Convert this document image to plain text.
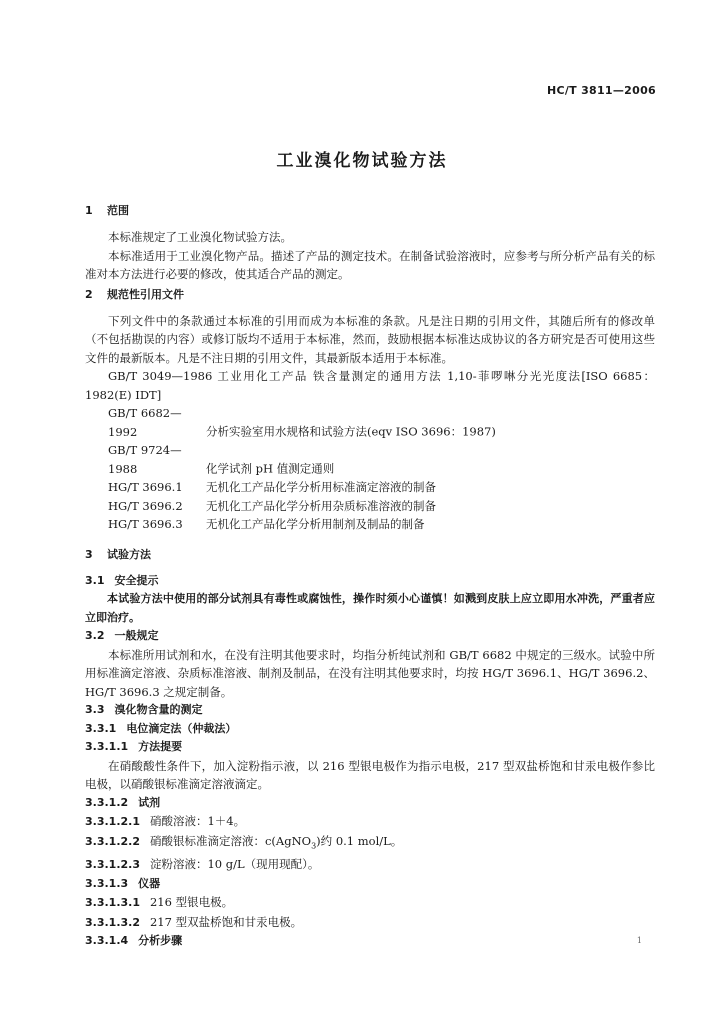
HC/T 3811—2006
工业溴化物试验方法
1 范围

本标准规定了工业溴化物试验方法。

本标准适用于工业溴化物产品。描述了产品的测定技术。在制备试验溶液时，应参考与所分析产品有关的标准对本方法进行必要的修改，使其适合产品的测定。

2 规范性引用文件

下列文件中的条款通过本标准的引用而成为本标准的条款。凡是注日期的引用文件，其随后所有的修改单（不包括勘误的内容）或修订版均不适用于本标准，然而，鼓励根据本标准达成协议的各方研究是否可使用这些文件的最新版本。凡是不注日期的引用文件，其最新版本适用于本标准。

GB/T 3049—1986 工业用化工产品 铁含量测定的通用方法 1,10-菲啰啉分光光度法[ISO 6685：1982(E) IDT]

GB/T 6682—1992	分析实验室用水规格和试验方法(eqv ISO 3696：1987)
GB/T 9724—1988	化学试剂 pH 值测定通则
HG/T 3696.1 无机化工产品化学分析用标准滴定溶液的制备
HG/T 3696.2 无机化工产品化学分析用杂质标准溶液的制备
HG/T 3696.3 无机化工产品化学分析用制剂及制品的制备
3 试验方法
3.1 安全提示

本试验方法中使用的部分试剂具有毒性或腐蚀性，操作时须小心谨慎！如溅到皮肤上应立即用水冲洗，严重者应立即治疗。

3.2 一般规定

本标准所用试剂和水，在没有注明其他要求时，均指分析纯试剂和 GB/T 6682 中规定的三级水。试验中所用标准滴定溶液、杂质标准溶液、制剂及制品，在没有注明其他要求时，均按 HG/T 3696.1、HG/T 3696.2、HG/T 3696.3 之规定制备。

3.3 溴化物含量的测定
3.3.1 电位滴定法（仲裁法）
3.3.1.1 方法提要

在硝酸酸性条件下，加入淀粉指示液，以 216 型银电极作为指示电极，217 型双盐桥饱和甘汞电极作参比电极，以硝酸银标准滴定溶液滴定。

3.3.1.2 试剂

3.3.1.2.1 硝酸溶液：1＋4。

3.3.1.2.2 硝酸银标准滴定溶液：c(AgNO$_3$)约 0.1 mol/L。

3.3.1.2.3 淀粉溶液：10 g/L（现用现配）。

3.3.1.3 仪器

3.3.1.3.1 216 型银电极。

3.3.1.3.2 217 型双盐桥饱和甘汞电极。

3.3.1.4 分析步骤	1
